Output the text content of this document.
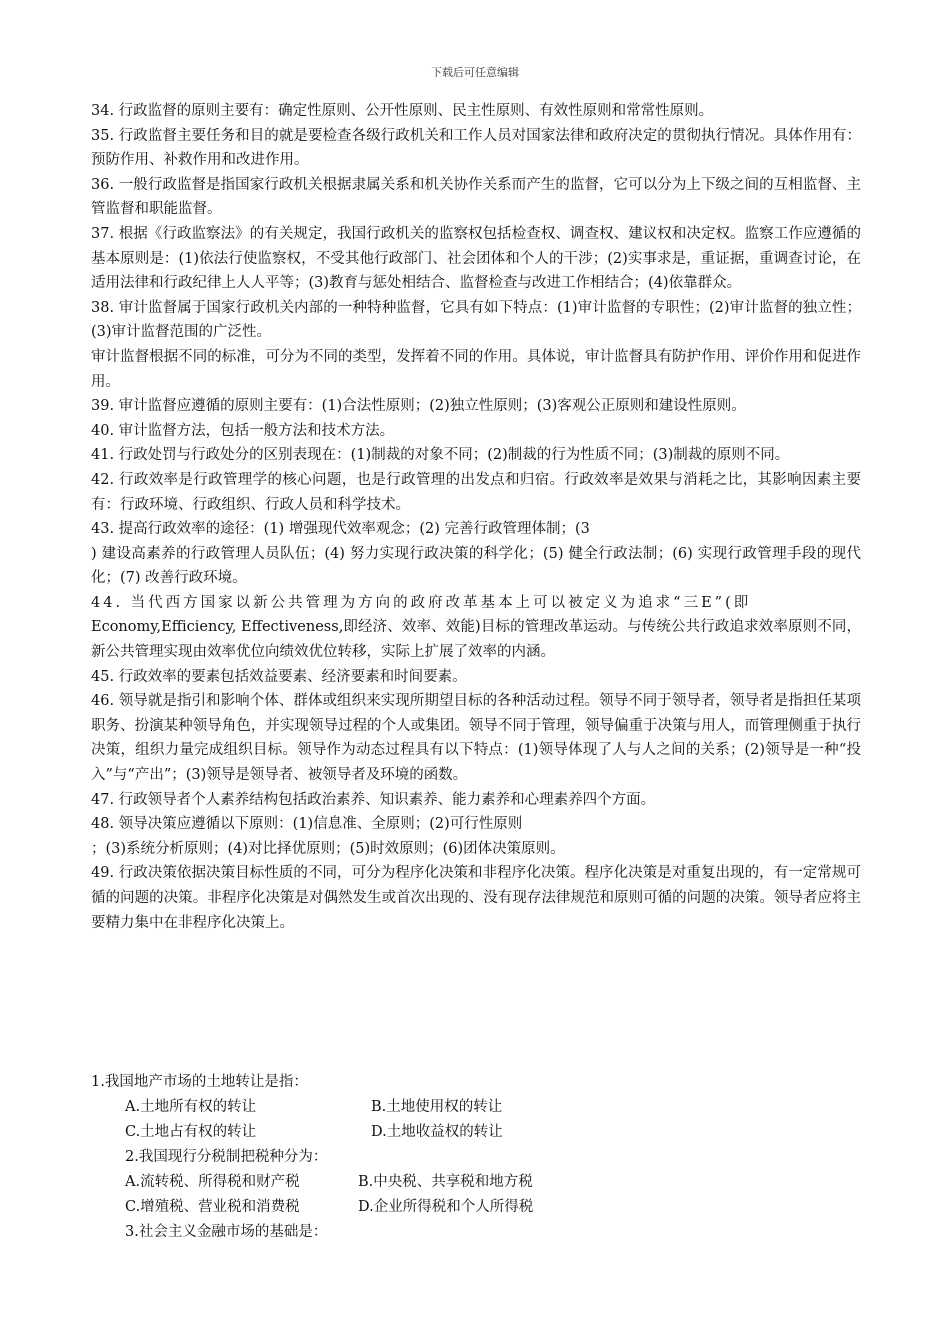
下载后可任意编辑

34. 行政监督的原则主要有：确定性原则、公开性原则、民主性原则、有效性原则和常常性原则。

35. 行政监督主要任务和目的就是要检查各级行政机关和工作人员对国家法律和政府决定的贯彻执行情况。具体作用有：预防作用、补救作用和改进作用。

36. 一般行政监督是指国家行政机关根据隶属关系和机关协作关系而产生的监督，它可以分为上下级之间的互相监督、主管监督和职能监督。

37. 根据《行政监察法》的有关规定，我国行政机关的监察权包括检查权、调查权、建议权和决定权。监察工作应遵循的基本原则是：(1)依法行使监察权，不受其他行政部门、社会团体和个人的干涉；(2)实事求是，重证据，重调查讨论，在适用法律和行政纪律上人人平等；(3)教育与惩处相结合、监督检查与改进工作相结合；(4)依靠群众。

38. 审计监督属于国家行政机关内部的一种特种监督，它具有如下特点：(1)审计监督的专职性；(2)审计监督的独立性；(3)审计监督范围的广泛性。

审计监督根据不同的标准，可分为不同的类型，发挥着不同的作用。具体说，审计监督具有防护作用、评价作用和促进作用。

39. 审计监督应遵循的原则主要有：(1)合法性原则；(2)独立性原则；(3)客观公正原则和建设性原则。

40. 审计监督方法，包括一般方法和技术方法。

41. 行政处罚与行政处分的区别表现在：(1)制裁的对象不同；(2)制裁的行为性质不同；(3)制裁的原则不同。

42. 行政效率是行政管理学的核心问题，也是行政管理的出发点和归宿。行政效率是效果与消耗之比，其影响因素主要有：行政环境、行政组织、行政人员和科学技术。

43. 提高行政效率的途径：(1) 增强现代效率观念；(2) 完善行政管理体制；(3

) 建设高素养的行政管理人员队伍；(4) 努力实现行政决策的科学化；(5) 健全行政法制；(6) 实现行政管理手段的现代化；(7) 改善行政环境。

44. 当代西方国家以新公共管理为方向的政府改革基本上可以被定义为追求“三E”(即

Economy,Efficiency, Effectiveness,即经济、效率、效能)目标的管理改革运动。与传统公共行政追求效率原则不同，新公共管理实现由效率优位向绩效优位转移，实际上扩展了效率的内涵。

45. 行政效率的要素包括效益要素、经济要素和时间要素。

46. 领导就是指引和影响个体、群体或组织来实现所期望目标的各种活动过程。领导不同于领导者，领导者是指担任某项职务、扮演某种领导角色，并实现领导过程的个人或集团。领导不同于管理，领导偏重于决策与用人，而管理侧重于执行决策，组织力量完成组织目标。领导作为动态过程具有以下特点：(1)领导体现了人与人之间的关系；(2)领导是一种“投入”与“产出”；(3)领导是领导者、被领导者及环境的函数。

47. 行政领导者个人素养结构包括政治素养、知识素养、能力素养和心理素养四个方面。

48. 领导决策应遵循以下原则：(1)信息准、全原则；(2)可行性原则

；(3)系统分析原则；(4)对比择优原则；(5)时效原则；(6)团体决策原则。

49. 行政决策依据决策目标性质的不同，可分为程序化决策和非程序化决策。程序化决策是对重复出现的，有一定常规可循的问题的决策。非程序化决策是对偶然发生或首次出现的、没有现存法律规范和原则可循的问题的决策。领导者应将主要精力集中在非程序化决策上。

1.我国地产市场的土地转让是指：
A.土地所有权的转让	B.土地使用权的转让
C.土地占有权的转让	D.土地收益权的转让
2.我国现行分税制把税种分为：
A.流转税、所得税和财产税	B.中央税、共享税和地方税
C.增殖税、营业税和消费税	D.企业所得税和个人所得税
3.社会主义金融市场的基础是：
